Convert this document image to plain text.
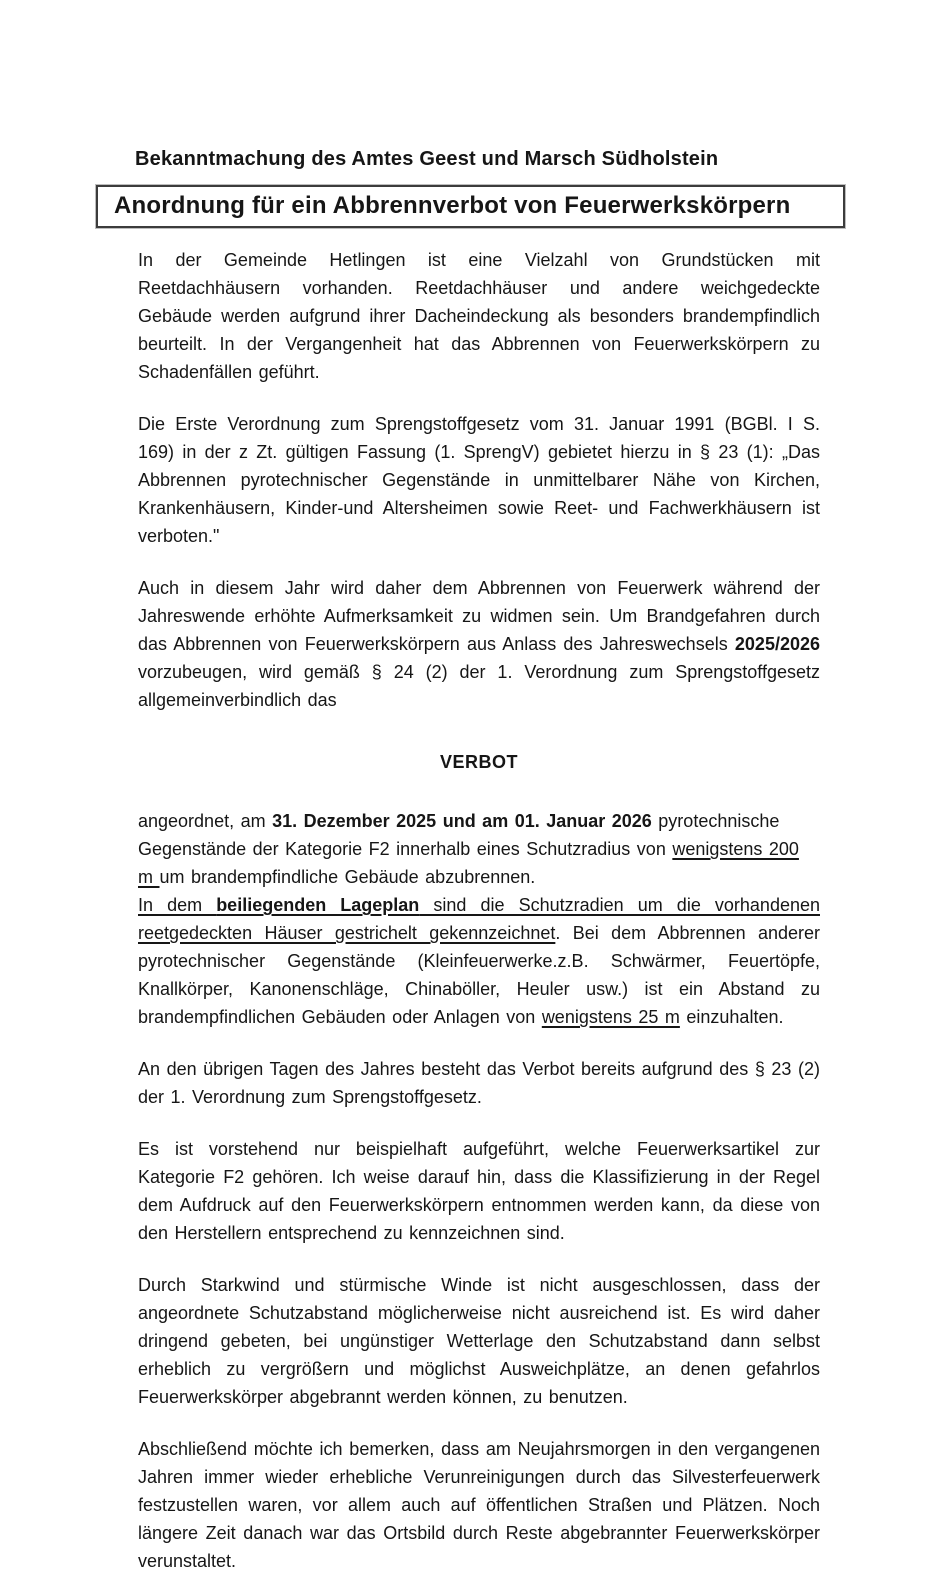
Bekanntmachung des Amtes Geest und Marsch Südholstein
Anordnung für ein Abbrennverbot von Feuerwerkskörpern

In der Gemeinde Hetlingen ist eine Vielzahl von Grundstücken mit Reetdachhäusern vorhanden. Reetdachhäuser und andere weichgedeckte Gebäude werden aufgrund ihrer Dacheindeckung als besonders brandempfindlich beurteilt. In der Vergangenheit hat das Abbrennen von Feuerwerkskörpern zu Schadenfällen geführt.

Die Erste Verordnung zum Sprengstoffgesetz vom 31. Januar 1991 (BGBl. I S. 169) in der z Zt. gültigen Fassung (1. SprengV) gebietet hierzu in § 23 (1): „Das Abbrennen pyrotechnischer Gegenstände in unmittelbarer Nähe von Kirchen, Krankenhäusern, Kinder-und Altersheimen sowie Reet- und Fachwerkhäusern ist verboten."

Auch in diesem Jahr wird daher dem Abbrennen von Feuerwerk während der Jahreswende erhöhte Aufmerksamkeit zu widmen sein. Um Brandgefahren durch das Abbrennen von Feuerwerkskörpern aus Anlass des Jahreswechsels 2025/2026 vorzubeugen, wird gemäß § 24 (2) der 1. Verordnung zum Sprengstoffgesetz allgemeinverbindlich das

VERBOT

angeordnet, am 31. Dezember 2025 und am 01. Januar 2026 pyrotechnische Gegenstände der Kategorie F2 innerhalb eines Schutzradius von wenigstens 200 m um brandempfindliche Gebäude abzubrennen.

In dem beiliegenden Lageplan sind die Schutzradien um die vorhandenen reetgedeckten Häuser gestrichelt gekennzeichnet. Bei dem Abbrennen anderer pyrotechnischer Gegenstände (Kleinfeuerwerke.z.B. Schwärmer, Feuertöpfe, Knallkörper, Kanonenschläge, Chinaböller, Heuler usw.) ist ein Abstand zu brandempfindlichen Gebäuden oder Anlagen von wenigstens 25 m einzuhalten.

An den übrigen Tagen des Jahres besteht das Verbot bereits aufgrund des § 23 (2) der 1. Verordnung zum Sprengstoffgesetz.

Es ist vorstehend nur beispielhaft aufgeführt, welche Feuerwerksartikel zur Kategorie F2 gehören. Ich weise darauf hin, dass die Klassifizierung in der Regel dem Aufdruck auf den Feuerwerkskörpern entnommen werden kann, da diese von den Herstellern entsprechend zu kennzeichnen sind.

Durch Starkwind und stürmische Winde ist nicht ausgeschlossen, dass der angeordnete Schutzabstand möglicherweise nicht ausreichend ist. Es wird daher dringend gebeten, bei ungünstiger Wetterlage den Schutzabstand dann selbst erheblich zu vergrößern und möglichst Ausweichplätze, an denen gefahrlos Feuerwerkskörper abgebrannt werden können, zu benutzen.

Abschließend möchte ich bemerken, dass am Neujahrsmorgen in den vergangenen Jahren immer wieder erhebliche Verunreinigungen durch das Silvesterfeuerwerk festzustellen waren, vor allem auch auf öffentlichen Straßen und Plätzen. Noch längere Zeit danach war das Ortsbild durch Reste abgebrannter Feuerwerkskörper verunstaltet.
